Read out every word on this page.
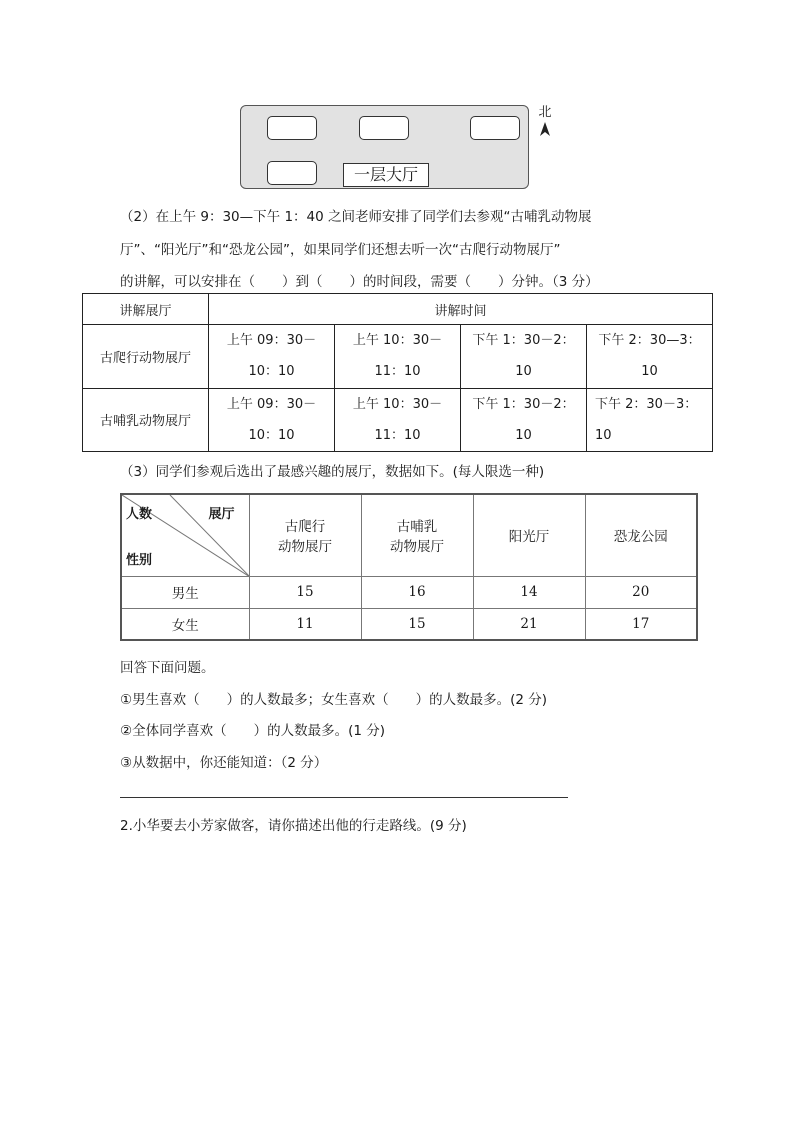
一层大厅
北
（2）在上午 9：30—下午 1：40 之间老师安排了同学们去参观“古哺乳动物展
厅”、“阳光厅”和“恐龙公园”，如果同学们还想去听一次“古爬行动物展厅”
的讲解，可以安排在（　　）到（　　）的时间段，需要（　　）分钟。（3 分）
讲解展厅	讲解时间			
古爬行动物展厅	上午 09：30－
10：10	上午 10：30－
11：10	下午 1：30－2：
10	下午 2：30—3：
10

古哺乳动物展厅	上午 09：30－
10：10	上午 10：30－
11：10	下午 1：30－2：
10	下午 2：30－3：
10
（3）同学们参观后选出了最感兴趣的展厅，数据如下。(每人限选一种)
人数 展厅
性别	古爬行
动物展厅	古哺乳
动物展厅	阳光厅	恐龙公园

男生	15	16	14	20
女生	11	15	21	17
回答下面问题。
①男生喜欢（　　）的人数最多；女生喜欢（　　）的人数最多。(2 分)
②全体同学喜欢（　　）的人数最多。(1 分)
③从数据中，你还能知道：（2 分）
2.小华要去小芳家做客，请你描述出他的行走路线。(9 分)
